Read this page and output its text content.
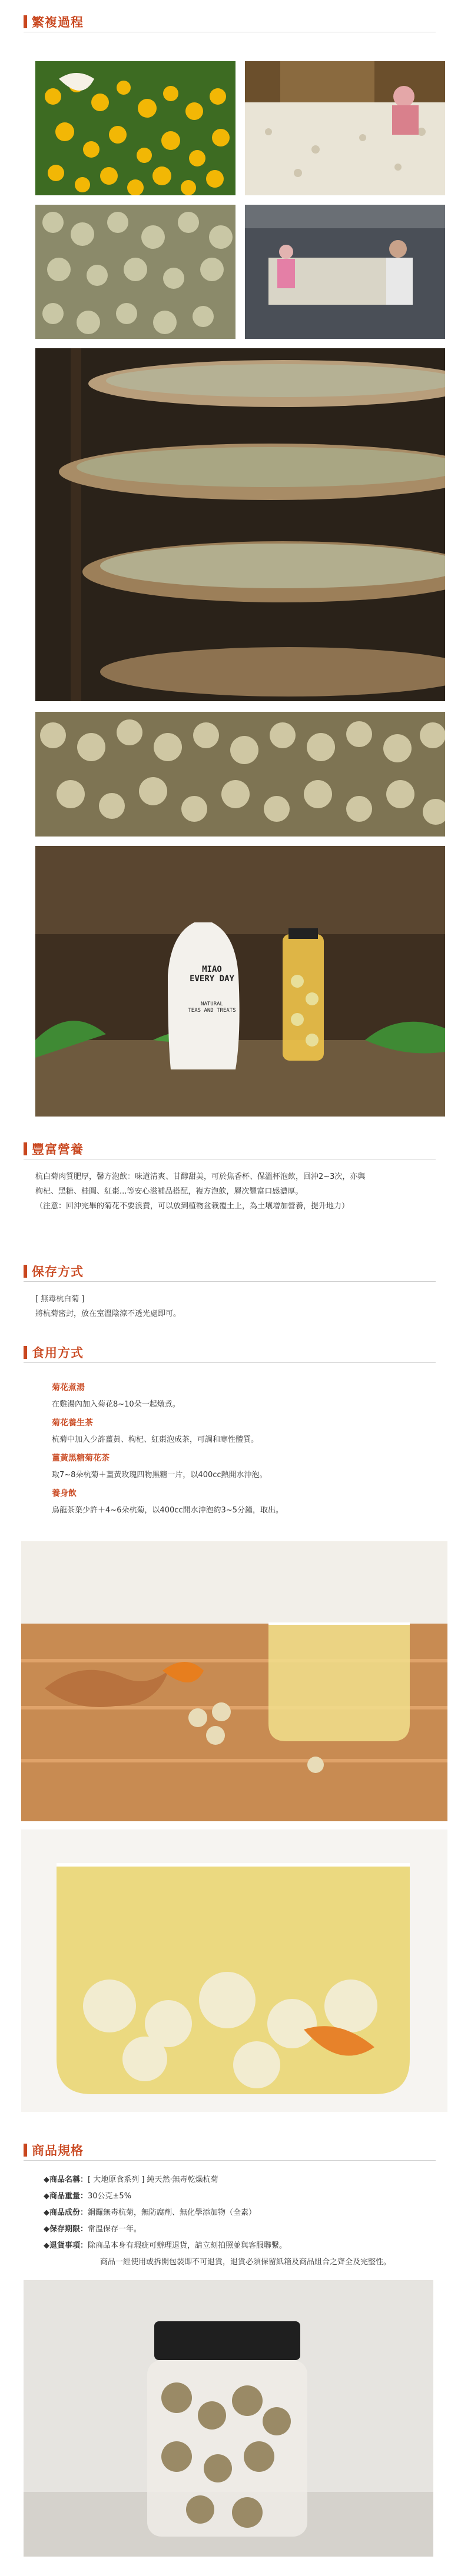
繁複過程
MIAO
EVERY DAY
NATURAL
TEAS AND TREATS
豐富營養

杭白菊肉質肥厚，馨方泡飲：味道清爽、甘醇甜美，可於焦香杯、保溫杯泡飲，回沖2~3次，亦與

枸杞、黑糖、桂圓、紅棗...等安心滋補品搭配，複方泡飲，層次豐富口感濃厚。

（注意：回沖完畢的菊花不要浪費，可以放到植物盆栽覆土上，為土壤增加營養，提升地力）

保存方式

[ 無毒杭白菊 ]

將杭菊密封，放在室溫陰涼不透光處即可。

食用方式
菊花煮湯
在雞湯內加入菊花8~10朵一起燉煮。
菊花養生茶
杭菊中加入少許薑黃、枸杞、紅棗泡成茶，可調和寒性體質。
薑黃黑糖菊花茶
取7~8朵杭菊＋薑黃玫瑰四物黑糖一片，以400cc熱開水沖泡。
養身飲
烏龍茶葉少許＋4~6朵杭菊，以400cc開水沖泡約3~5分鐘，取出。
商品規格
◆商品名稱：[ 大地原食系列 ] 純天然‧無毒乾燥杭菊
◆商品重量：30公克±5%
◆商品成份：銅鑼無毒杭菊，無防腐劑、無化學添加物（全素）
◆保存期限：常溫保存一年。
◆退貨事項：除商品本身有瑕疵可辦理退貨，請立刻拍照並與客服聯繫。
商品一經使用或拆開包裝即不可退貨，退貨必須保留紙箱及商品組合之齊全及完整性。
